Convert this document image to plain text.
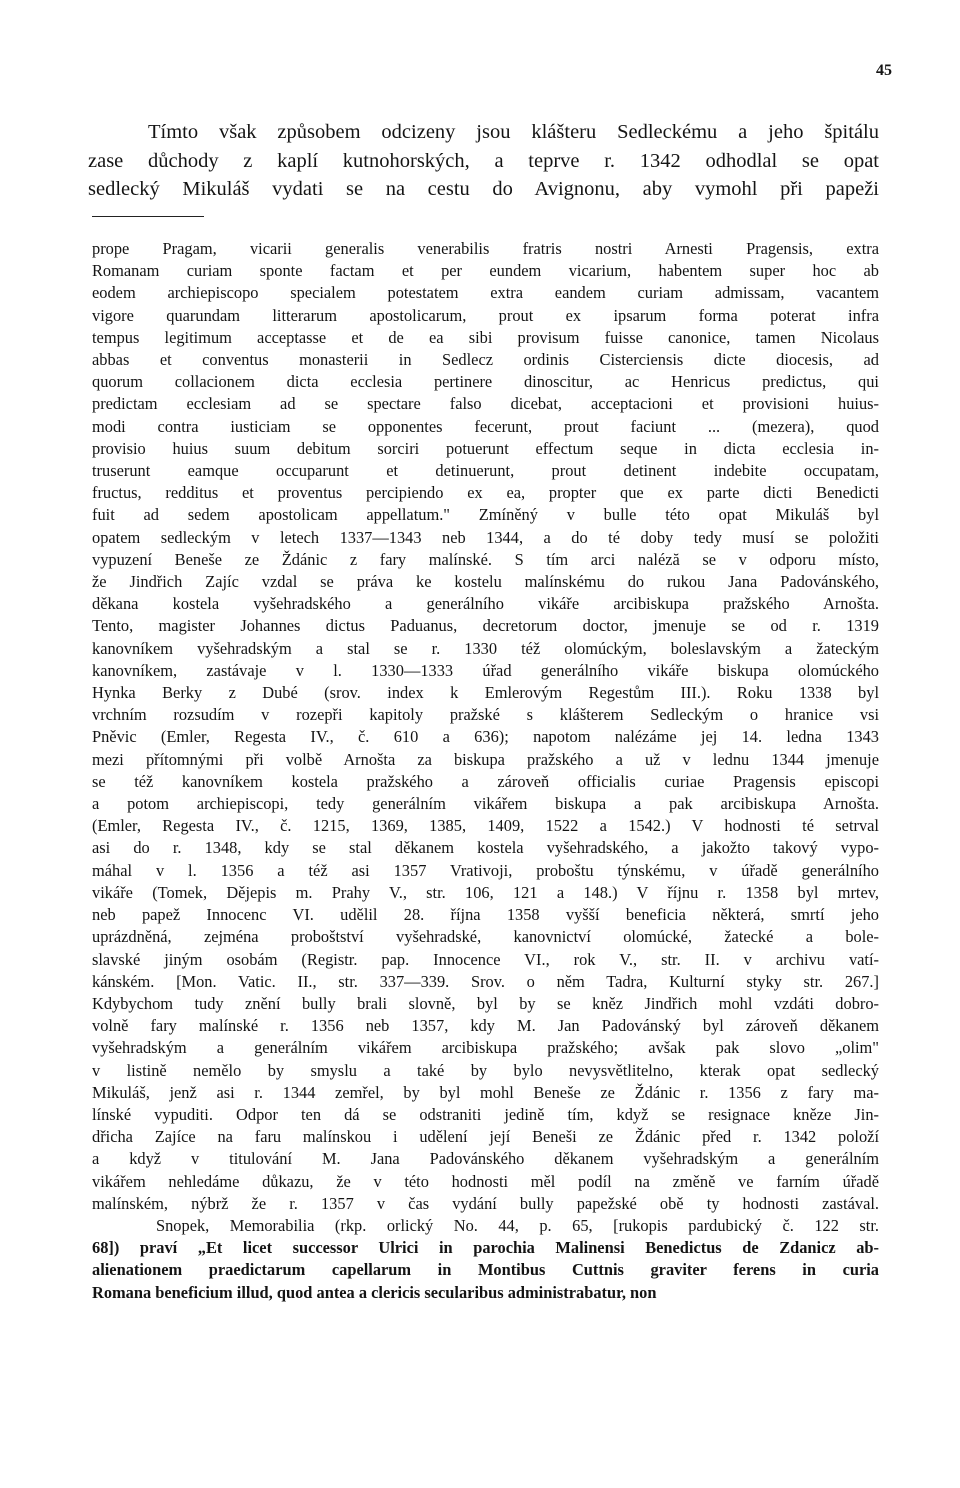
45
Tímto však způsobem odcizeny jsou klášteru Sedleckému a jeho špitálu
zase důchody z kaplí kutnohorských, a teprve r. 1342 odhodlal se opat
sedlecký Mikuláš vydati se na cestu do Avignonu, aby vymohl při papeži
prope Pragam, vicarii generalis venerabilis fratris nostri Arnesti Pragensis, extra
Romanam curiam sponte factam et per eundem vicarium, habentem super hoc ab
eodem archiepiscopo specialem potestatem extra eandem curiam admissam, vacantem
vigore quarundam litterarum apostolicarum, prout ex ipsarum forma poterat infra
tempus legitimum acceptasse et de ea sibi provisum fuisse canonice, tamen Nicolaus
abbas et conventus monasterii in Sedlecz ordinis Cisterciensis dicte diocesis, ad
quorum collacionem dicta ecclesia pertinere dinoscitur, ac Henricus predictus, qui
predictam ecclesiam ad se spectare falso dicebat, acceptacioni et provisioni huius-
modi contra iusticiam se opponentes fecerunt, prout faciunt ... (mezera), quod
provisio huius suum debitum sorciri potuerunt effectum seque in dicta ecclesia in-
truserunt eamque occuparunt et detinuerunt, prout detinent indebite occupatam,
fructus, redditus et proventus percipiendo ex ea, propter que ex parte dicti Benedicti
fuit ad sedem apostolicam appellatum." Zmíněný v bulle této opat Mikuláš byl
opatem sedleckým v letech 1337—1343 neb 1344, a do té doby tedy musí se položiti
vypuzení Beneše ze Ždánic z fary malínské. S tím arci naléză se v odporu místo,
že Jindřich Zajíc vzdal se práva ke kostelu malínskému do rukou Jana Padovánského,
děkana kostela vyšehradského a generálního vikáře arcibiskupa pražského Arnošta.
Tento, magister Johannes dictus Paduanus, decretorum doctor, jmenuje se od r. 1319
kanovníkem vyšehradským a stal se r. 1330 též olomúckým, boleslavským a žateckým
kanovníkem, zastávaje v l. 1330—1333 úřad generálního vikáře biskupa olomúckého
Hynka Berky z Dubé (srov. index k Emlerovým Regestům III.). Roku 1338 byl
vrchním rozsudím v rozepři kapitoly pražské s klášterem Sedleckým o hranice vsi
Pněvic (Emler, Regesta IV., č. 610 a 636); napotom nalézáme jej 14. ledna 1343
mezi přítomnými při volbě Arnošta za biskupa pražského a už v lednu 1344 jmenuje
se též kanovníkem kostela pražského a zároveň officialis curiae Pragensis episcopi
a potom archiepiscopi, tedy generálním vikářem biskupa a pak arcibiskupa Arnošta.
(Emler, Regesta IV., č. 1215, 1369, 1385, 1409, 1522 a 1542.) V hodnosti té setrval
asi do r. 1348, kdy se stal děkanem kostela vyšehradského, a jakožto takový vypo-
máhal v l. 1356 a též asi 1357 Vrativoji, proboštu týnskému, v úřadě generálního
vikáře (Tomek, Dějepis m. Prahy V., str. 106, 121 a 148.) V říjnu r. 1358 byl mrtev,
neb papež Innocenc VI. udělil 28. října 1358 vyšší beneficia některá, smrtí jeho
uprázdněná, zejména proboštství vyšehradské, kanovnictví olomúcké, žatecké a bole-
slavské jiným osobám (Registr. pap. Innocence VI., rok V., str. II. v archivu vatí-
kánském. [Mon. Vatic. II., str. 337—339. Srov. o něm Tadra, Kulturní styky str. 267.]
Kdybychom tudy znění bully brali slovně, byl by se kněz Jindřich mohl vzdáti dobro-
volně fary malínské r. 1356 neb 1357, kdy M. Jan Padovánský byl zároveň děkanem
vyšehradským a generálním vikářem arcibiskupa pražského; avšak pak slovo „olim"
v listině nemělo by smyslu a také by bylo nevysvětlitelno, kterak opat sedlecký
Mikuláš, jenž asi r. 1344 zemřel, by byl mohl Beneše ze Ždánic r. 1356 z fary ma-
línské vypuditi. Odpor ten dá se odstraniti jedině tím, když se resignace kněze Jin-
dřicha Zajíce na faru malínskou i udělení její Beneši ze Ždánic před r. 1342 položí
a když v titulování M. Jana Padovánského děkanem vyšehradským a generálním
vikářem nehledáme důkazu, že v této hodnosti měl podíl na změně ve farním úřadě
malínském, nýbrž že r. 1357 v čas vydání bully papežské obě ty hodnosti zastával.
Snopek, Memorabilia (rkp. orlický No. 44, p. 65, [rukopis pardubický č. 122 str.
68]) praví „Et licet successor Ulrici in parochia Malinensi Benedictus de Zdanicz ab-
alienationem praedictarum capellarum in Montibus Cuttnis graviter ferens in curia
Romana beneficium illud, quod antea a clericis secularibus administrabatur, non
